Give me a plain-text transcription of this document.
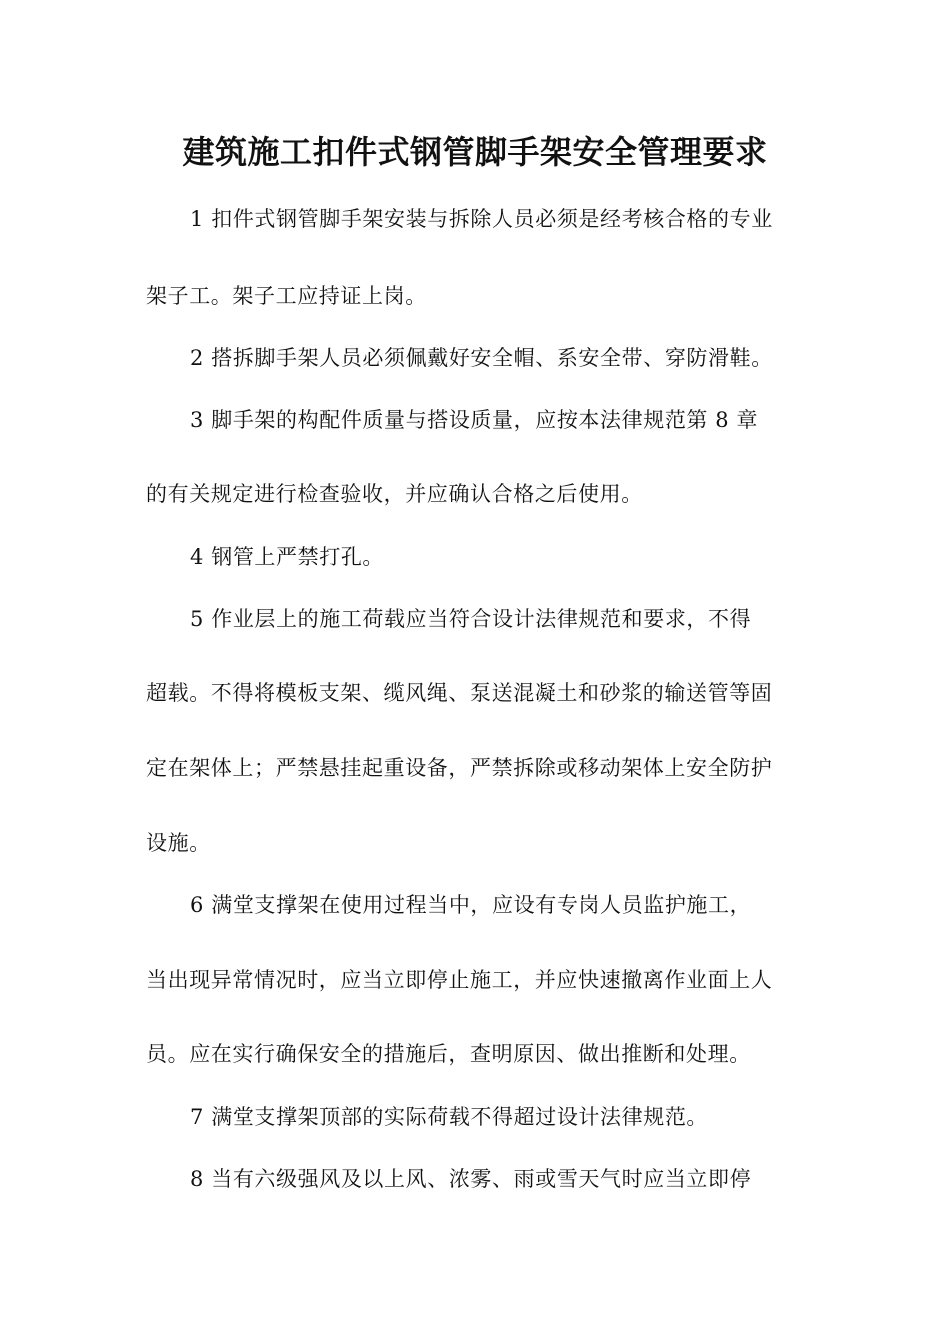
建筑施工扣件式钢管脚手架安全管理要求
1 扣件式钢管脚手架安装与拆除人员必须是经考核合格的专业
架子工。架子工应持证上岗。
2 搭拆脚手架人员必须佩戴好安全帽、系安全带、穿防滑鞋。
3 脚手架的构配件质量与搭设质量，应按本法律规范第 8 章
的有关规定进行检查验收，并应确认合格之后使用。
4 钢管上严禁打孔。
5 作业层上的施工荷载应当符合设计法律规范和要求，不得
超载。不得将模板支架、缆风绳、泵送混凝土和砂浆的输送管等固
定在架体上；严禁悬挂起重设备，严禁拆除或移动架体上安全防护
设施。
6 满堂支撑架在使用过程当中，应设有专岗人员监护施工，
当出现异常情况时，应当立即停止施工，并应快速撤离作业面上人
员。应在实行确保安全的措施后，查明原因、做出推断和处理。
7 满堂支撑架顶部的实际荷载不得超过设计法律规范。
8 当有六级强风及以上风、浓雾、雨或雪天气时应当立即停
